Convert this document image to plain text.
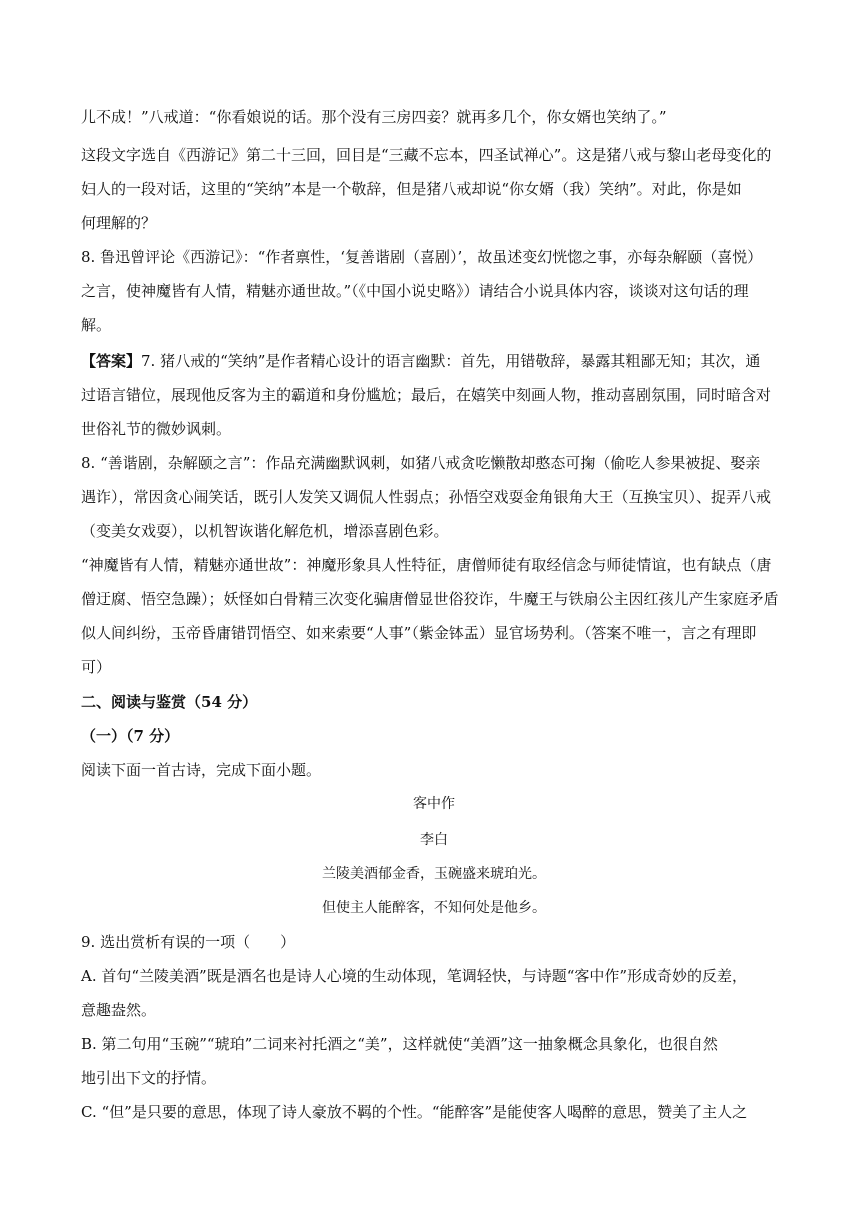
儿不成！”八戒道：“你看娘说的话。那个没有三房四妾？就再多几个，你女婿也笑纳了。”
这段文字选自《西游记》第二十三回，回目是“三藏不忘本，四圣试禅心”。这是猪八戒与黎山老母变化的
妇人的一段对话，这里的“笑纳”本是一个敬辞，但是猪八戒却说“你女婿（我）笑纳”。对此，你是如
何理解的？
8. 鲁迅曾评论《西游记》：“作者禀性，‘复善谐剧（喜剧）’，故虽述变幻恍惚之事，亦每杂解颐（喜悦）
之言，使神魔皆有人情，精魅亦通世故。”（《中国小说史略》）请结合小说具体内容，谈谈对这句话的理
解。
【答案】7. 猪八戒的“笑纳”是作者精心设计的语言幽默：首先，用错敬辞，暴露其粗鄙无知；其次，通
过语言错位，展现他反客为主的霸道和身份尴尬；最后，在嬉笑中刻画人物，推动喜剧氛围，同时暗含对
世俗礼节的微妙讽刺。
8. “善谐剧，杂解颐之言”：作品充满幽默讽刺，如猪八戒贪吃懒散却憨态可掬（偷吃人参果被捉、娶亲
遇诈），常因贪心闹笑话，既引人发笑又调侃人性弱点；孙悟空戏耍金角银角大王（互换宝贝）、捉弄八戒
（变美女戏耍），以机智诙谐化解危机，增添喜剧色彩。
“神魔皆有人情，精魅亦通世故”：神魔形象具人性特征，唐僧师徒有取经信念与师徒情谊，也有缺点（唐
僧迂腐、悟空急躁）；妖怪如白骨精三次变化骗唐僧显世俗狡诈，牛魔王与铁扇公主因红孩儿产生家庭矛盾
似人间纠纷，玉帝昏庸错罚悟空、如来索要“人事”（紫金钵盂）显官场势利。（答案不唯一，言之有理即
可）
二、阅读与鉴赏（54 分）
（一）（7 分）
阅读下面一首古诗，完成下面小题。
客中作
李白
兰陵美酒郁金香，玉碗盛来琥珀光。
但使主人能醉客，不知何处是他乡。
9. 选出赏析有误的一项（　　）
A. 首句“兰陵美酒”既是酒名也是诗人心境的生动体现，笔调轻快，与诗题“客中作”形成奇妙的反差，
意趣盎然。
B. 第二句用“玉碗”“琥珀”二词来衬托酒之“美”，这样就使“美酒”这一抽象概念具象化，也很自然
地引出下文的抒情。
C. “但”是只要的意思，体现了诗人豪放不羁的个性。“能醉客”是能使客人喝醉的意思，赞美了主人之
